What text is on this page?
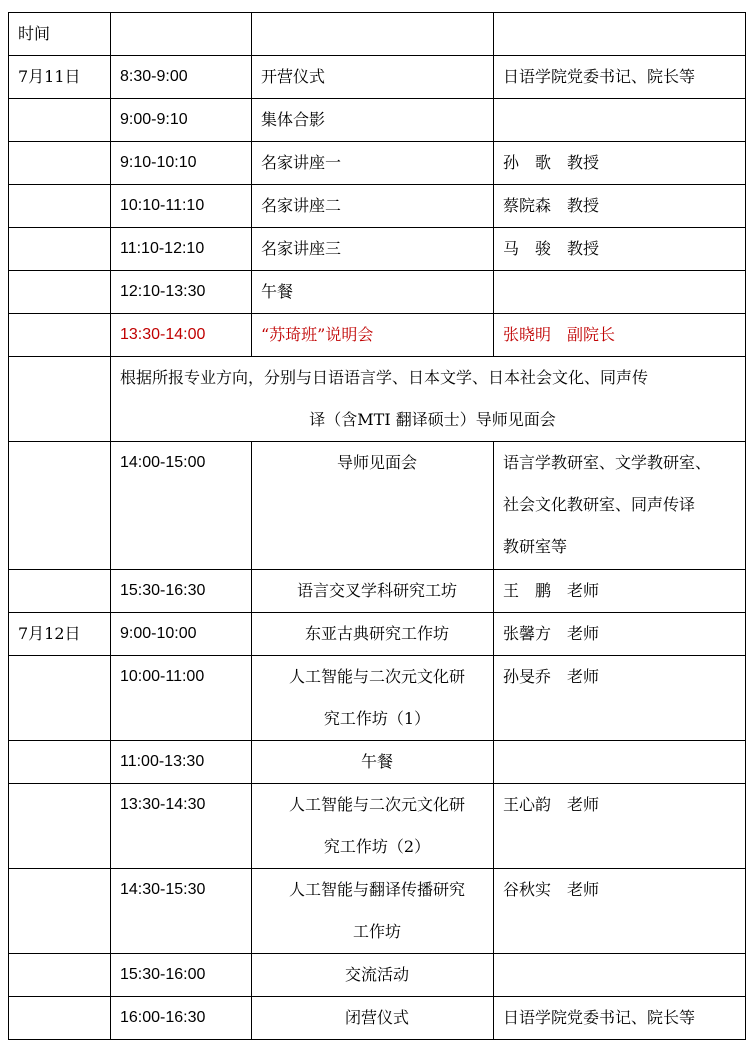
时间			
7月11日	8:30-9:00	开营仪式	日语学院党委书记、院长等
	9:00-9:10	集体合影	
	9:10-10:10	名家讲座一	孙　歌　教授
	10:10-11:10	名家讲座二	蔡院森　教授
	11:10-12:10	名家讲座三	马　骏　教授
	12:10-13:30	午餐	
	13:30-14:00	“苏琦班”说明会	张晓明　副院长

	根据所报专业方向，分别与日语语言学、日本文学、日本社会文化、同声传
译（含MTI 翻译硕士）导师见面会		

	14:00-15:00	导师见面会	语言学教研室、文学教研室、
社会文化教研室、同声传译
教研室等

	15:30-16:30	语言交叉学科研究工坊	王　鹏　老师
7月12日	9:00-10:00	东亚古典研究工作坊	张馨方　老师
	10:00-11:00	人工智能与二次元文化研
究工作坊（1）	孙旻乔　老师
	11:00-13:30	午餐	
	13:30-14:30	人工智能与二次元文化研
究工作坊（2）	王心韵　老师
	14:30-15:30	人工智能与翻译传播研究
工作坊	谷秋实　老师
	15:30-16:00	交流活动	
	16:00-16:30	闭营仪式	日语学院党委书记、院长等
